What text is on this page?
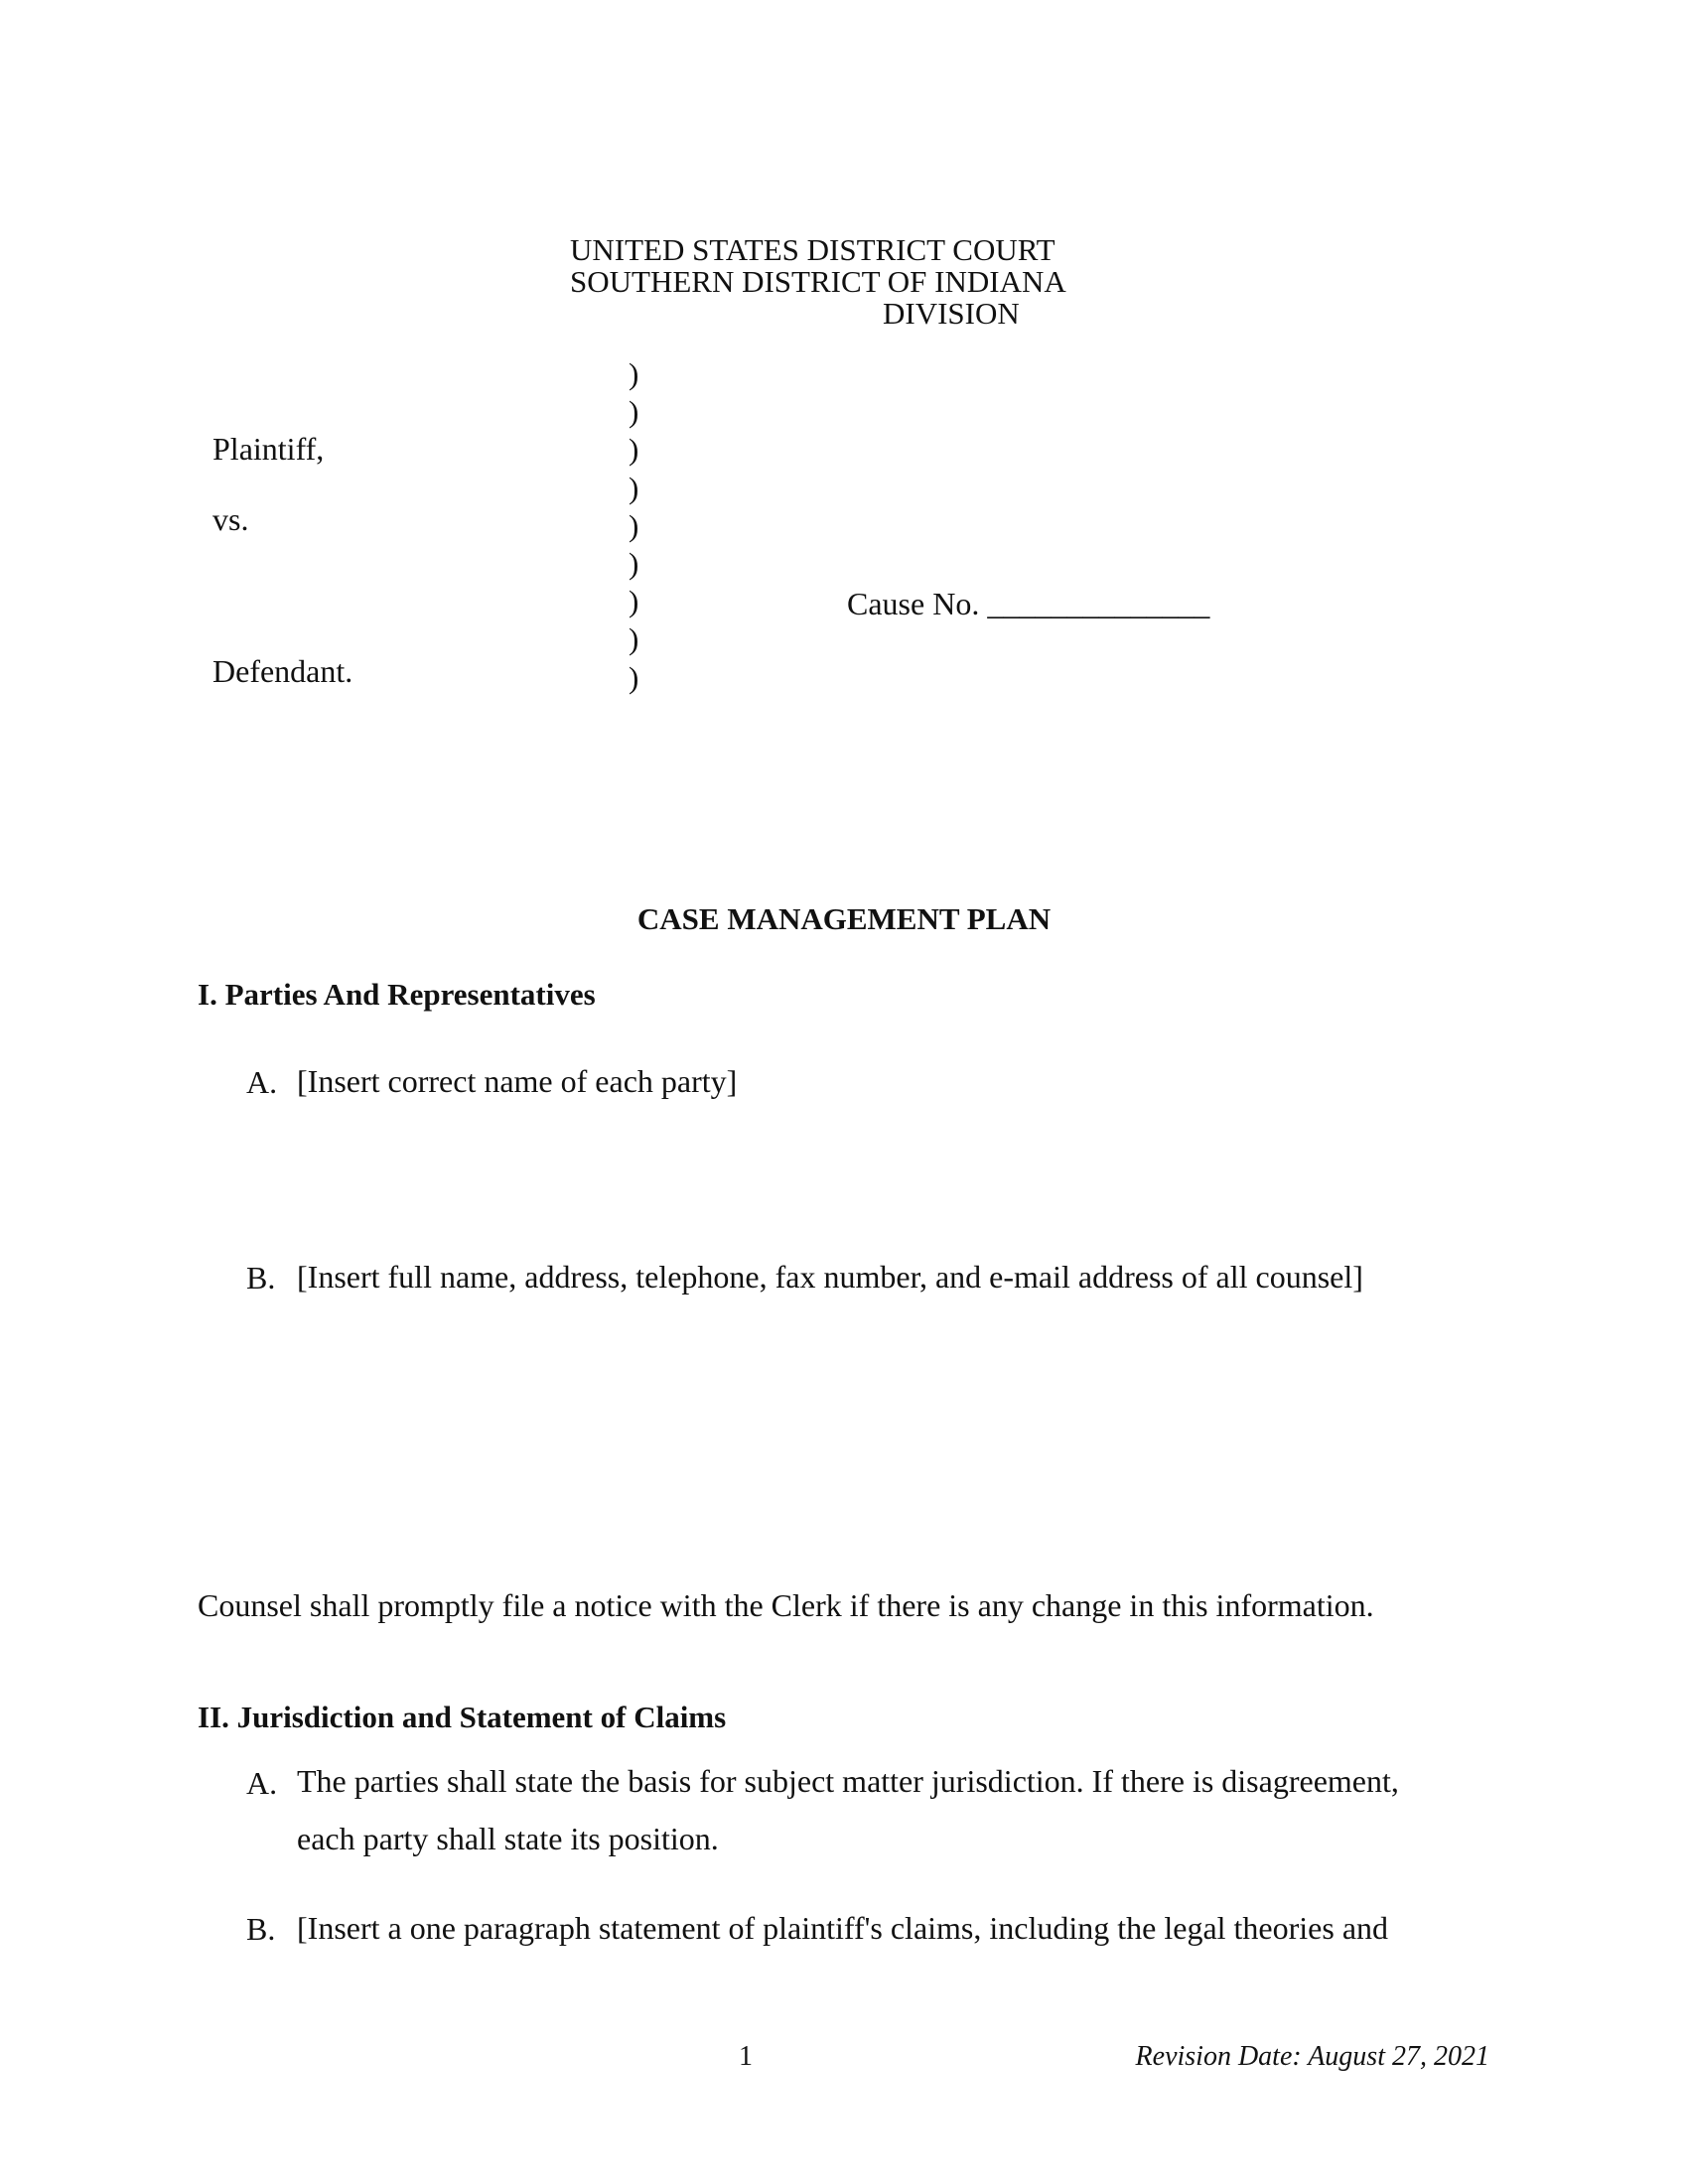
UNITED STATES DISTRICT COURT
SOUTHERN DISTRICT OF INDIANA
DIVISION
Plaintiff,
vs.
Defendant.
)
)
)
)
)
)
)
)
)
Cause No. ______________
CASE MANAGEMENT PLAN
I. Parties And Representatives
A. [Insert correct name of each party]
B. [Insert full name, address, telephone, fax number, and e-mail address of all counsel]
Counsel shall promptly file a notice with the Clerk if there is any change in this information.
II. Jurisdiction and Statement of Claims
A. The parties shall state the basis for subject matter jurisdiction. If there is disagreement,
each party shall state its position.
B. [Insert a one paragraph statement of plaintiff's claims, including the legal theories and
1	Revision Date: August 27, 2021
